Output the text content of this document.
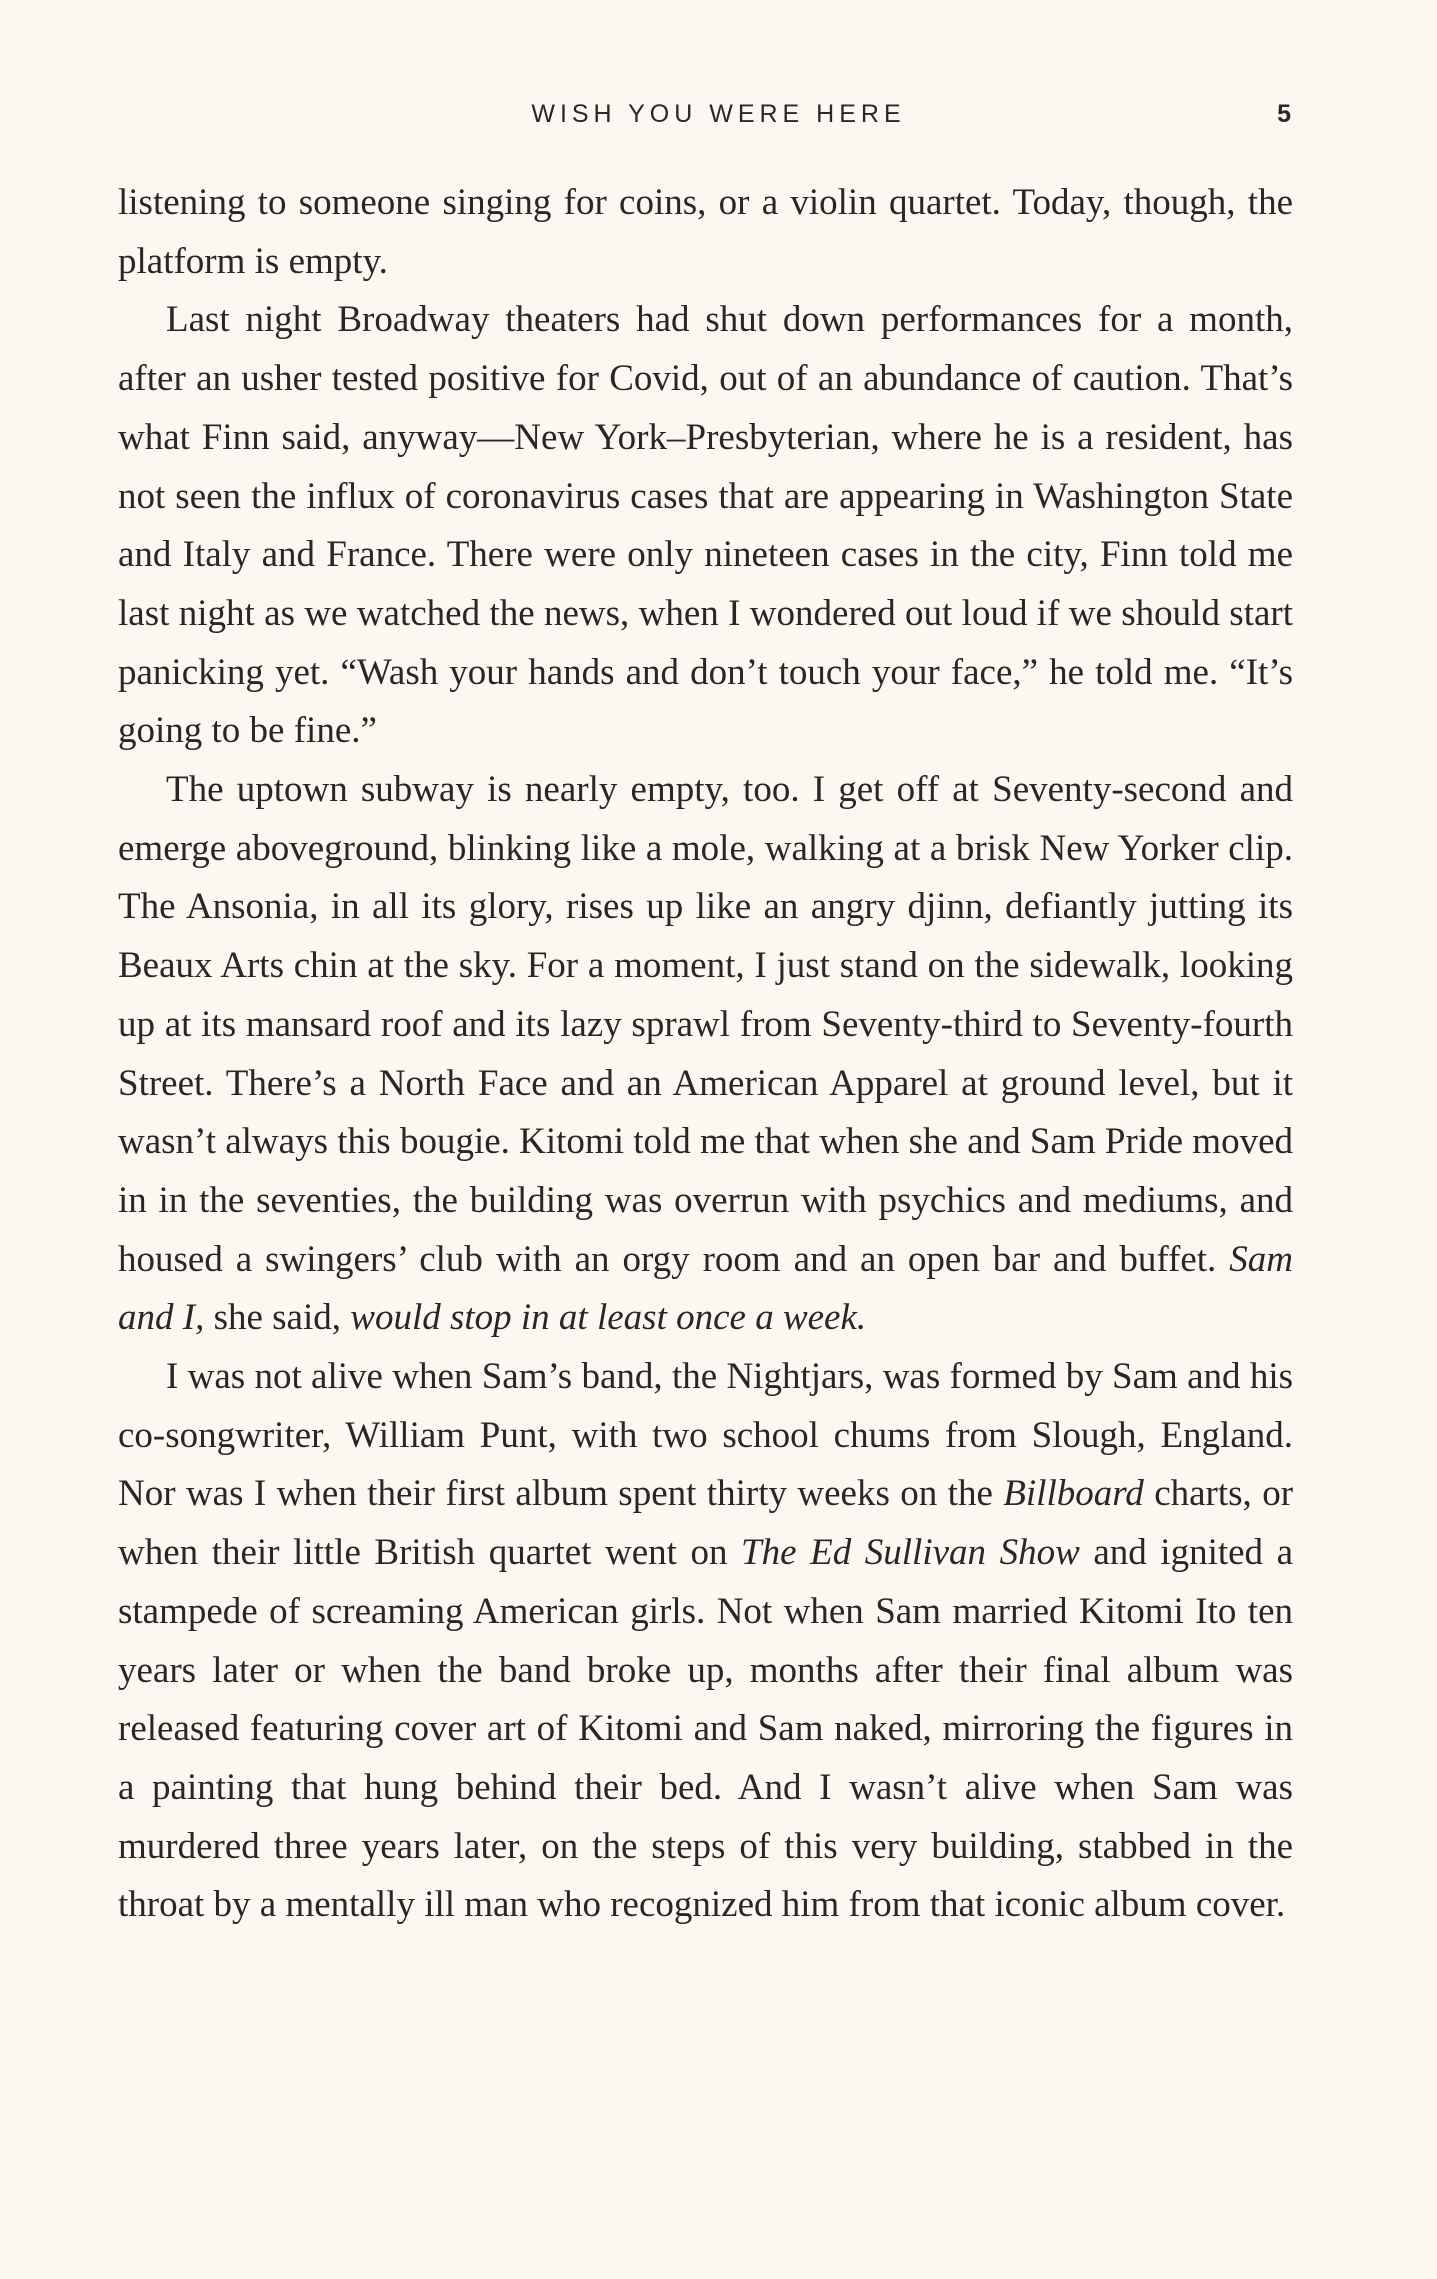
WISH YOU WERE HERE	5

listening to someone singing for coins, or a violin quartet. Today, though, the platform is empty.

Last night Broadway theaters had shut down performances for a month, after an usher tested positive for Covid, out of an abundance of caution. That’s what Finn said, anyway—New York–Presbyterian, where he is a resident, has not seen the influx of coronavirus cases that are appearing in Washington State and Italy and France. There were only nineteen cases in the city, Finn told me last night as we watched the news, when I wondered out loud if we should start panicking yet. “Wash your hands and don’t touch your face,” he told me. “It’s going to be fine.”

The uptown subway is nearly empty, too. I get off at Seventy-second and emerge aboveground, blinking like a mole, walking at a brisk New Yorker clip. The Ansonia, in all its glory, rises up like an angry djinn, defiantly jutting its Beaux Arts chin at the sky. For a moment, I just stand on the sidewalk, looking up at its mansard roof and its lazy sprawl from Seventy-third to Seventy-fourth Street. There’s a North Face and an American Apparel at ground level, but it wasn’t always this bougie. Kitomi told me that when she and Sam Pride moved in in the seventies, the building was overrun with psychics and mediums, and housed a swingers’ club with an orgy room and an open bar and buffet. Sam and I, she said, would stop in at least once a week.

I was not alive when Sam’s band, the Nightjars, was formed by Sam and his co-songwriter, William Punt, with two school chums from Slough, England. Nor was I when their first album spent thirty weeks on the Billboard charts, or when their little British quartet went on The Ed Sullivan Show and ignited a stampede of screaming American girls. Not when Sam married Kitomi Ito ten years later or when the band broke up, months after their final album was released featuring cover art of Kitomi and Sam naked, mirroring the figures in a painting that hung behind their bed. And I wasn’t alive when Sam was murdered three years later, on the steps of this very building, stabbed in the throat by a mentally ill man who recognized him from that iconic album cover.
